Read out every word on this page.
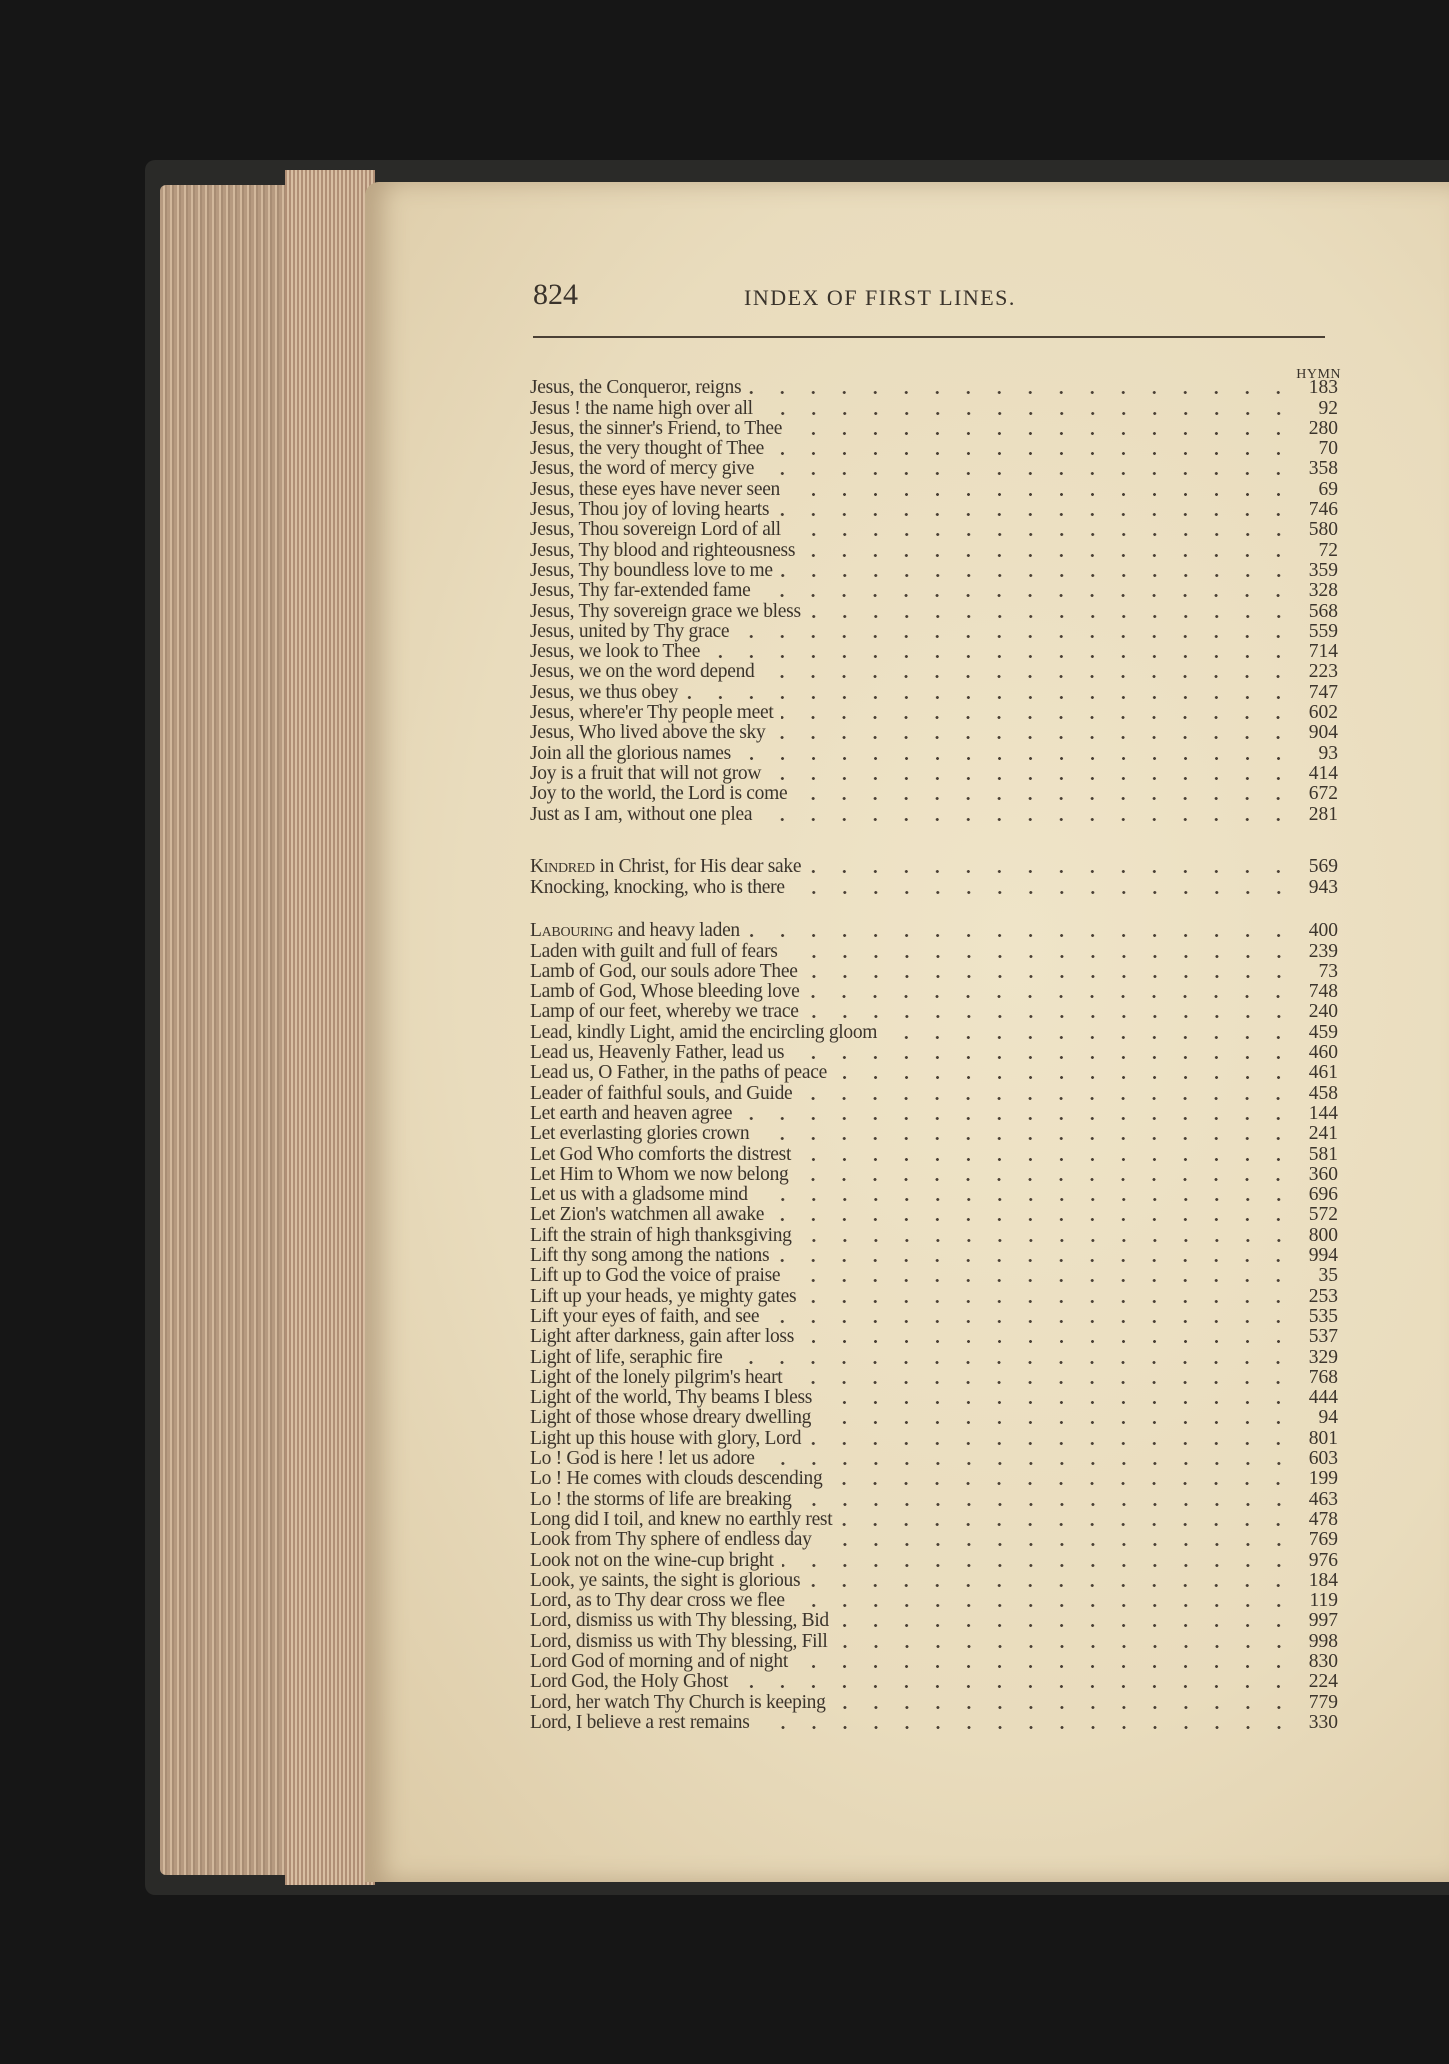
824	INDEX OF FIRST LINES.
HYMN
Jesus, the Conqueror, reigns	183
Jesus ! the name high over all	92
Jesus, the sinner's Friend, to Thee	280
Jesus, the very thought of Thee	70
Jesus, the word of mercy give	358
Jesus, these eyes have never seen	69
Jesus, Thou joy of loving hearts	746
Jesus, Thou sovereign Lord of all	580
Jesus, Thy blood and righteousness	72
Jesus, Thy boundless love to me	359
Jesus, Thy far-extended fame	328
Jesus, Thy sovereign grace we bless	568
Jesus, united by Thy grace	559
Jesus, we look to Thee	714
Jesus, we on the word depend	223
Jesus, we thus obey	747
Jesus, where'er Thy people meet	602
Jesus, Who lived above the sky	904
Join all the glorious names	93
Joy is a fruit that will not grow	414
Joy to the world, the Lord is come	672
Just as I am, without one plea	281
Kindred in Christ, for His dear sake	569
Knocking, knocking, who is there	943
Labouring and heavy laden	400
Laden with guilt and full of fears	239
Lamb of God, our souls adore Thee	73
Lamb of God, Whose bleeding love	748
Lamp of our feet, whereby we trace	240
Lead, kindly Light, amid the encircling gloom	459
Lead us, Heavenly Father, lead us	460
Lead us, O Father, in the paths of peace	461
Leader of faithful souls, and Guide	458
Let earth and heaven agree	144
Let everlasting glories crown	241
Let God Who comforts the distrest	581
Let Him to Whom we now belong	360
Let us with a gladsome mind	696
Let Zion's watchmen all awake	572
Lift the strain of high thanksgiving	800
Lift thy song among the nations	994
Lift up to God the voice of praise	35
Lift up your heads, ye mighty gates	253
Lift your eyes of faith, and see	535
Light after darkness, gain after loss	537
Light of life, seraphic fire	329
Light of the lonely pilgrim's heart	768
Light of the world, Thy beams I bless	444
Light of those whose dreary dwelling	94
Light up this house with glory, Lord	801
Lo ! God is here ! let us adore	603
Lo ! He comes with clouds descending	199
Lo ! the storms of life are breaking	463
Long did I toil, and knew no earthly rest	478
Look from Thy sphere of endless day	769
Look not on the wine-cup bright	976
Look, ye saints, the sight is glorious	184
Lord, as to Thy dear cross we flee	119
Lord, dismiss us with Thy blessing, Bid	997
Lord, dismiss us with Thy blessing, Fill	998
Lord God of morning and of night	830
Lord God, the Holy Ghost	224
Lord, her watch Thy Church is keeping	779
Lord, I believe a rest remains	330
